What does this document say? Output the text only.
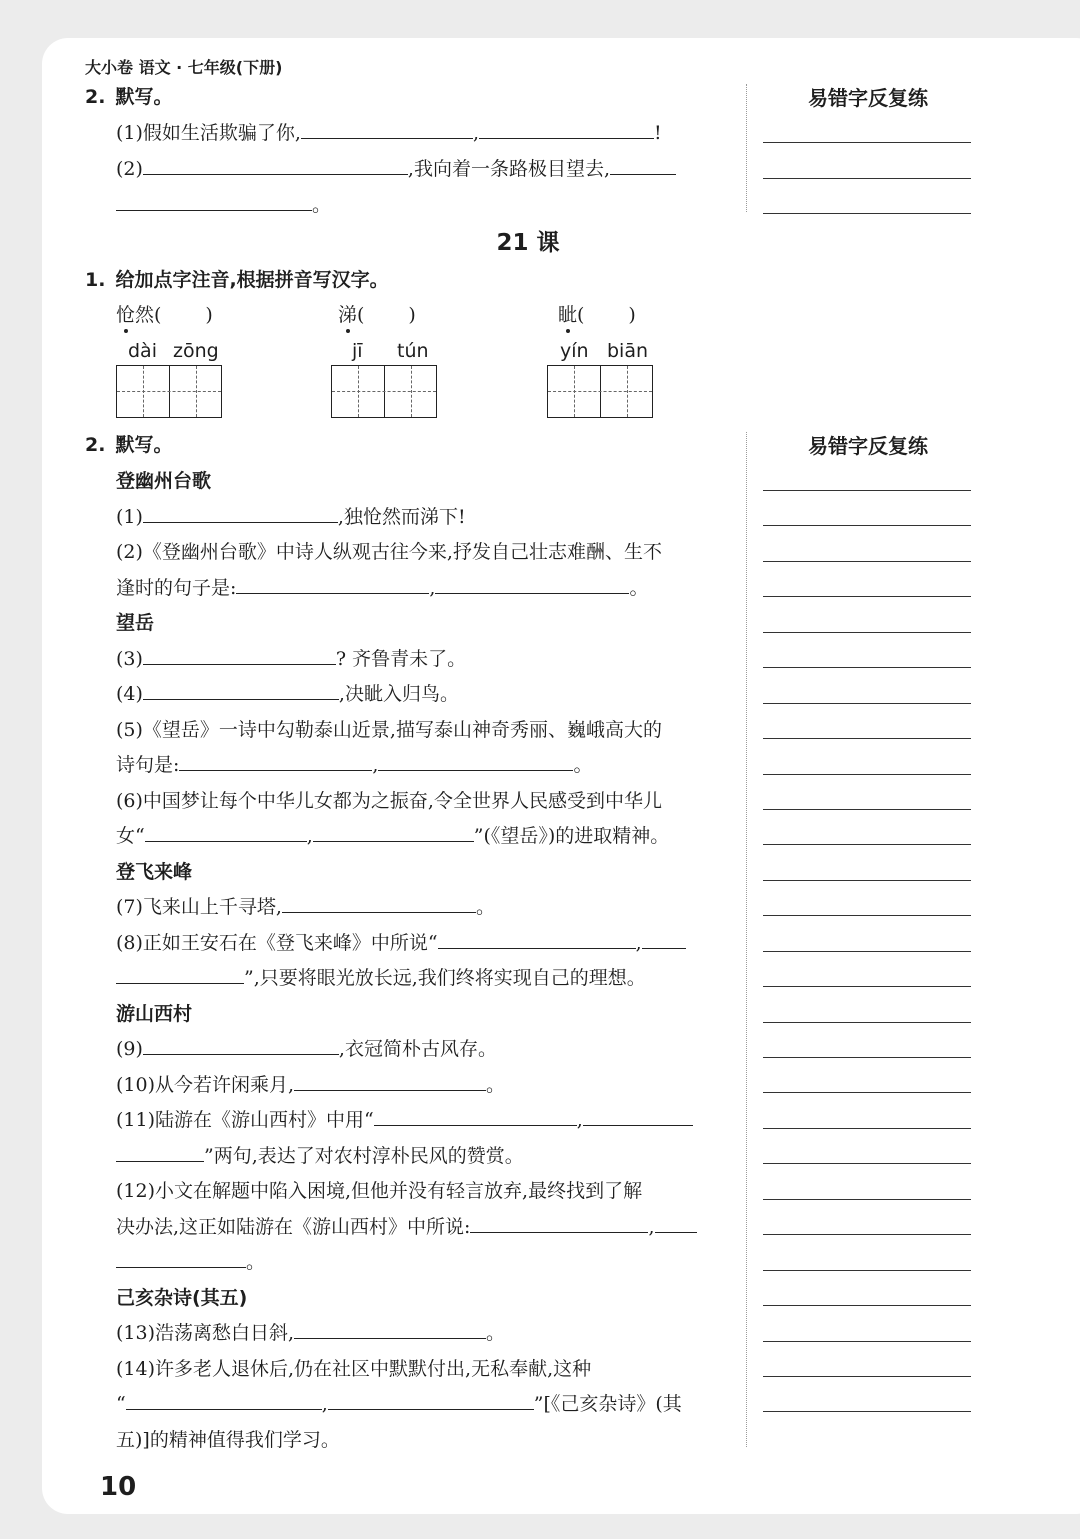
大小卷 语文 · 七年级(下册)
2. 默写。
(1)假如生活欺骗了你,	,	!
(2)	,我向着一条路极目望去,
。
易错字反复练
21 课
1. 给加点字注音,根据拼音写汉字。
怆然( )	涕( )	眦( )
dài zōng	jī tún	yín biān
2. 默写。
登幽州台歌
(1)	,独怆然而涕下!
(2)《登幽州台歌》中诗人纵观古往今来,抒发自己壮志难酬、生不
逢时的句子是:	,	。
望岳
(3)	? 齐鲁青未了。
(4)	,决眦入归鸟。
(5)《望岳》一诗中勾勒泰山近景,描写泰山神奇秀丽、巍峨高大的
诗句是:	,	。
(6)中国梦让每个中华儿女都为之振奋,令全世界人民感受到中华儿
女“	,	”(《望岳》)的进取精神。
登飞来峰
(7)飞来山上千寻塔,	。
(8)正如王安石在《登飞来峰》中所说“	,
”,只要将眼光放长远,我们终将实现自己的理想。
游山西村
(9)	,衣冠简朴古风存。
(10)从今若许闲乘月,	。
(11)陆游在《游山西村》中用“	,
”两句,表达了对农村淳朴民风的赞赏。
(12)小文在解题中陷入困境,但他并没有轻言放弃,最终找到了解
决办法,这正如陆游在《游山西村》中所说:	,
。
己亥杂诗(其五)
(13)浩荡离愁白日斜,	。
(14)许多老人退休后,仍在社区中默默付出,无私奉献,这种
“	,	”[《己亥杂诗》(其
五)]的精神值得我们学习。
易错字反复练
10
